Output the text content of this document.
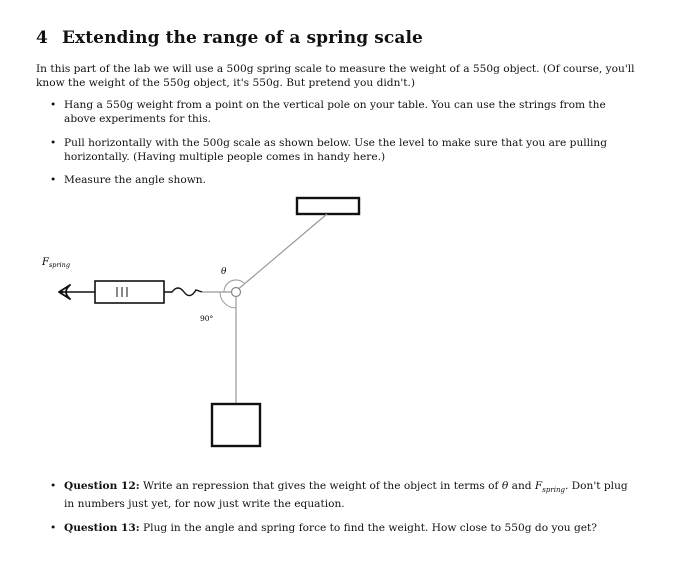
4 Extending the range of a spring scale

In this part of the lab we will use a 500g spring scale to measure the weight of a 550g object. (Of course, you'll know the weight of the 550g object, it's 550g. But pretend you didn't.)

• Hang a 550g weight from a point on the vertical pole on your table. You can use the strings from the above experiments for this.
• Pull horizontally with the 500g scale as shown below. Use the level to make sure that you are pulling horizontally. (Having multiple people comes in handy here.)
• Measure the angle shown.
$F_{spring}$
θ
90°
• Question 12: Write an repression that gives the weight of the object in terms of θ and $F_{spring}$. Don't plug in numbers just yet, for now just write the equation.
• Question 13: Plug in the angle and spring force to find the weight. How close to 550g do you get?
